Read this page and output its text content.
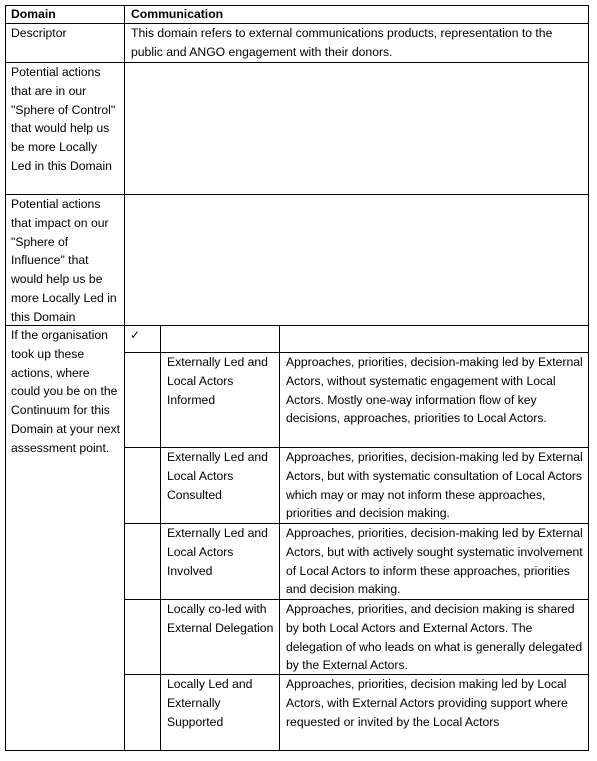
Domain	Communication
Descriptor	This domain refers to external communications products, representation to the public and ANGO engagement with their donors.
Potential actions that are in our "Sphere of Control" that would help us be more Locally Led in this Domain
Potential actions that impact on our "Sphere of Influence" that would help us be more Locally Led in this Domain
If the organisation took up these actions, where could you be on the Continuum for this Domain at your next assessment point.
✓
Externally Led and Local Actors Informed
Approaches, priorities, decision-making led by External Actors, without systematic engagement with Local Actors. Mostly one-way information flow of key decisions, approaches, priorities to Local Actors.
Externally Led and Local Actors Consulted
Approaches, priorities, decision-making led by External Actors, but with systematic consultation of Local Actors which may or may not inform these approaches, priorities and decision making.
Externally Led and Local Actors Involved
Approaches, priorities, decision-making led by External Actors, but with actively sought systematic involvement of Local Actors to inform these approaches, priorities and decision making.
Locally co-led with External Delegation
Approaches, priorities, and decision making is shared by both Local Actors and External Actors. The delegation of who leads on what is generally delegated by the External Actors.
Locally Led and Externally Supported
Approaches, priorities, decision making led by Local Actors, with External Actors providing support where requested or invited by the Local Actors
